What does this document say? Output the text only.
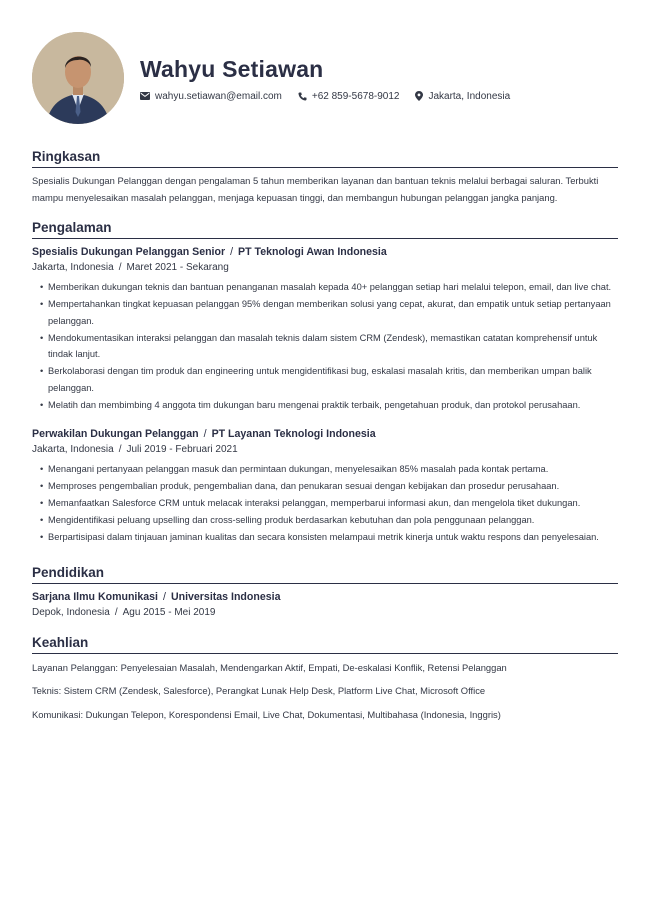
Wahyu Setiawan
wahyu.setiawan@email.com	+62 859-5678-9012	Jakarta, Indonesia
Ringkasan

Spesialis Dukungan Pelanggan dengan pengalaman 5 tahun memberikan layanan dan bantuan teknis melalui berbagai saluran. Terbukti mampu menyelesaikan masalah pelanggan, menjaga kepuasan tinggi, dan membangun hubungan pelanggan jangka panjang.

Pengalaman
Spesialis Dukungan Pelanggan Senior / PT Teknologi Awan Indonesia
Jakarta, Indonesia / Maret 2021 - Sekarang
• Memberikan dukungan teknis dan bantuan penanganan masalah kepada 40+ pelanggan setiap hari melalui telepon, email, dan live chat.
• Mempertahankan tingkat kepuasan pelanggan 95% dengan memberikan solusi yang cepat, akurat, dan empatik untuk setiap pertanyaan pelanggan.
• Mendokumentasikan interaksi pelanggan dan masalah teknis dalam sistem CRM (Zendesk), memastikan catatan komprehensif untuk tindak lanjut.
• Berkolaborasi dengan tim produk dan engineering untuk mengidentifikasi bug, eskalasi masalah kritis, dan memberikan umpan balik pelanggan.
• Melatih dan membimbing 4 anggota tim dukungan baru mengenai praktik terbaik, pengetahuan produk, dan protokol perusahaan.
Perwakilan Dukungan Pelanggan / PT Layanan Teknologi Indonesia
Jakarta, Indonesia / Juli 2019 - Februari 2021
• Menangani pertanyaan pelanggan masuk dan permintaan dukungan, menyelesaikan 85% masalah pada kontak pertama.
• Memproses pengembalian produk, pengembalian dana, dan penukaran sesuai dengan kebijakan dan prosedur perusahaan.
• Memanfaatkan Salesforce CRM untuk melacak interaksi pelanggan, memperbarui informasi akun, dan mengelola tiket dukungan.
• Mengidentifikasi peluang upselling dan cross-selling produk berdasarkan kebutuhan dan pola penggunaan pelanggan.
• Berpartisipasi dalam tinjauan jaminan kualitas dan secara konsisten melampaui metrik kinerja untuk waktu respons dan penyelesaian.
Pendidikan
Sarjana Ilmu Komunikasi / Universitas Indonesia
Depok, Indonesia / Agu 2015 - Mei 2019
Keahlian

Layanan Pelanggan: Penyelesaian Masalah, Mendengarkan Aktif, Empati, De-eskalasi Konflik, Retensi Pelanggan

Teknis: Sistem CRM (Zendesk, Salesforce), Perangkat Lunak Help Desk, Platform Live Chat, Microsoft Office

Komunikasi: Dukungan Telepon, Korespondensi Email, Live Chat, Dokumentasi, Multibahasa (Indonesia, Inggris)
